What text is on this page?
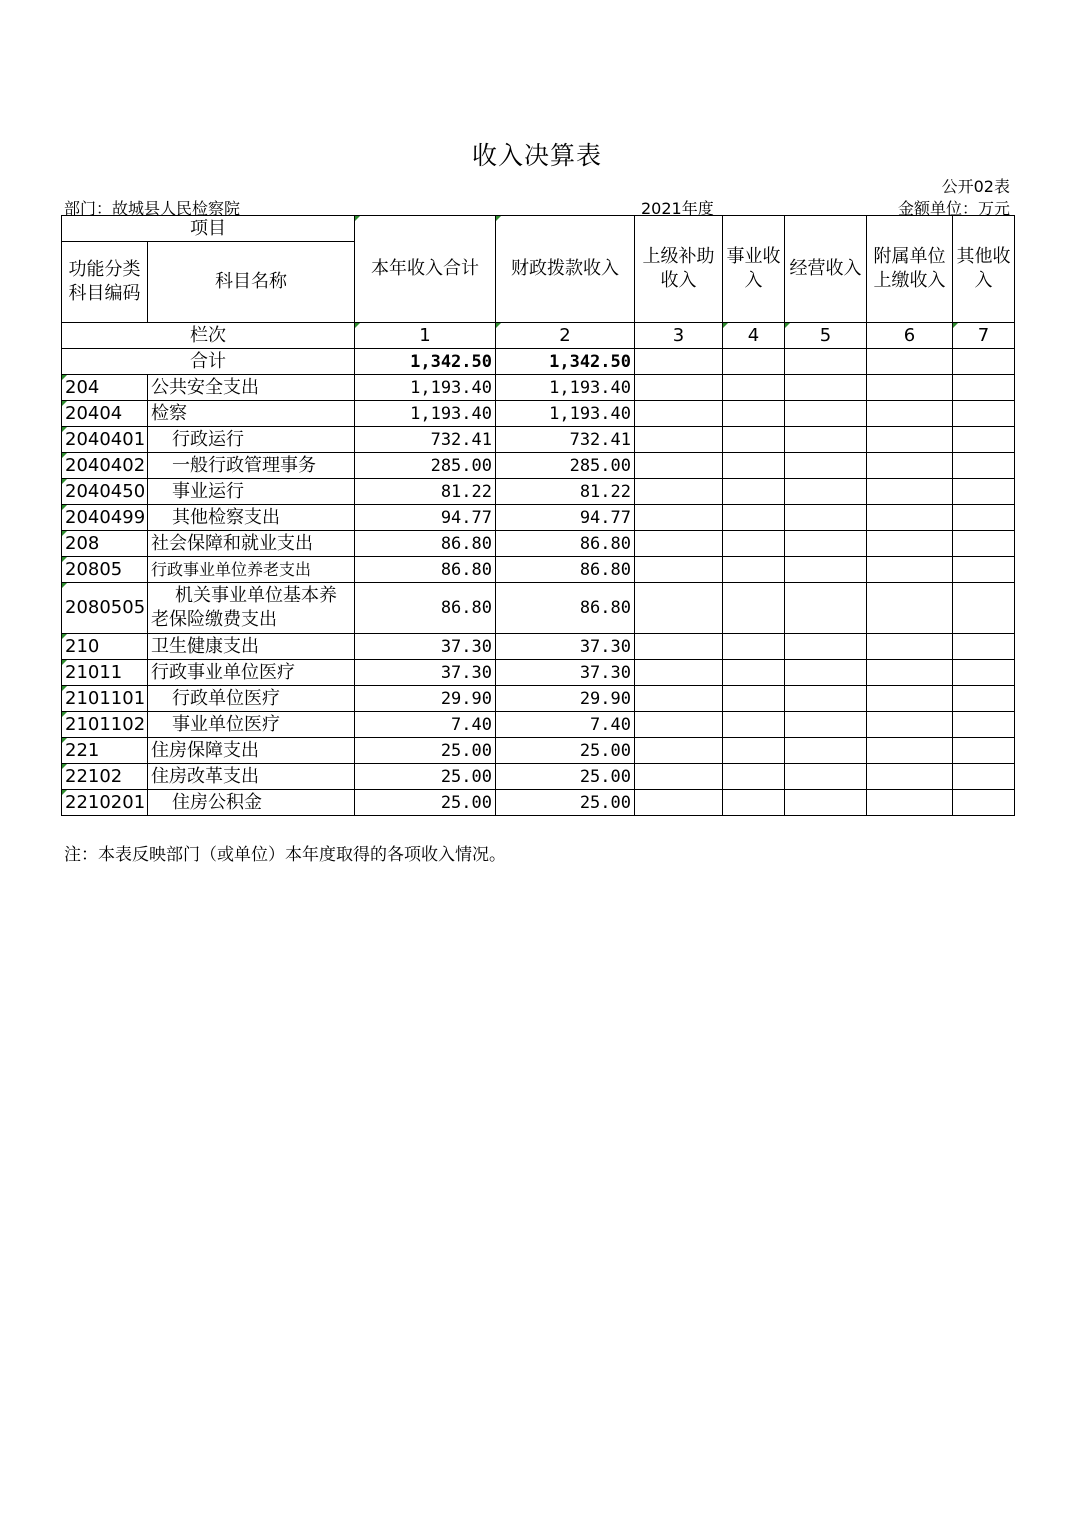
收入决算表
公开02表
部门：故城县人民检察院	2021年度	金额单位：万元
项目		本年收入合计	财政拨款收入	上级补助收入	事业收入	经营收入	附属单位上缴收入	其他收入
功能分类科目编码	科目名称							
栏次		1	2	3	4	5	6	7
合计		1,342.50	1,342.50					
204	公共安全支出	1,193.40	1,193.40					
20404	检察	1,193.40	1,193.40					
2040401	行政运行	732.41	732.41					
2040402	一般行政管理事务	285.00	285.00					
2040450	事业运行	81.22	81.22					
2040499	其他检察支出	94.77	94.77					
208	社会保障和就业支出	86.80	86.80					
20805	行政事业单位养老支出	86.80	86.80					
2080505	机关事业单位基本养老保险缴费支出	86.80	86.80					
210	卫生健康支出	37.30	37.30					
21011	行政事业单位医疗	37.30	37.30					
2101101	行政单位医疗	29.90	29.90					
2101102	事业单位医疗	7.40	7.40					
221	住房保障支出	25.00	25.00					
22102	住房改革支出	25.00	25.00					
2210201	住房公积金	25.00	25.00					
注：本表反映部门（或单位）本年度取得的各项收入情况。
